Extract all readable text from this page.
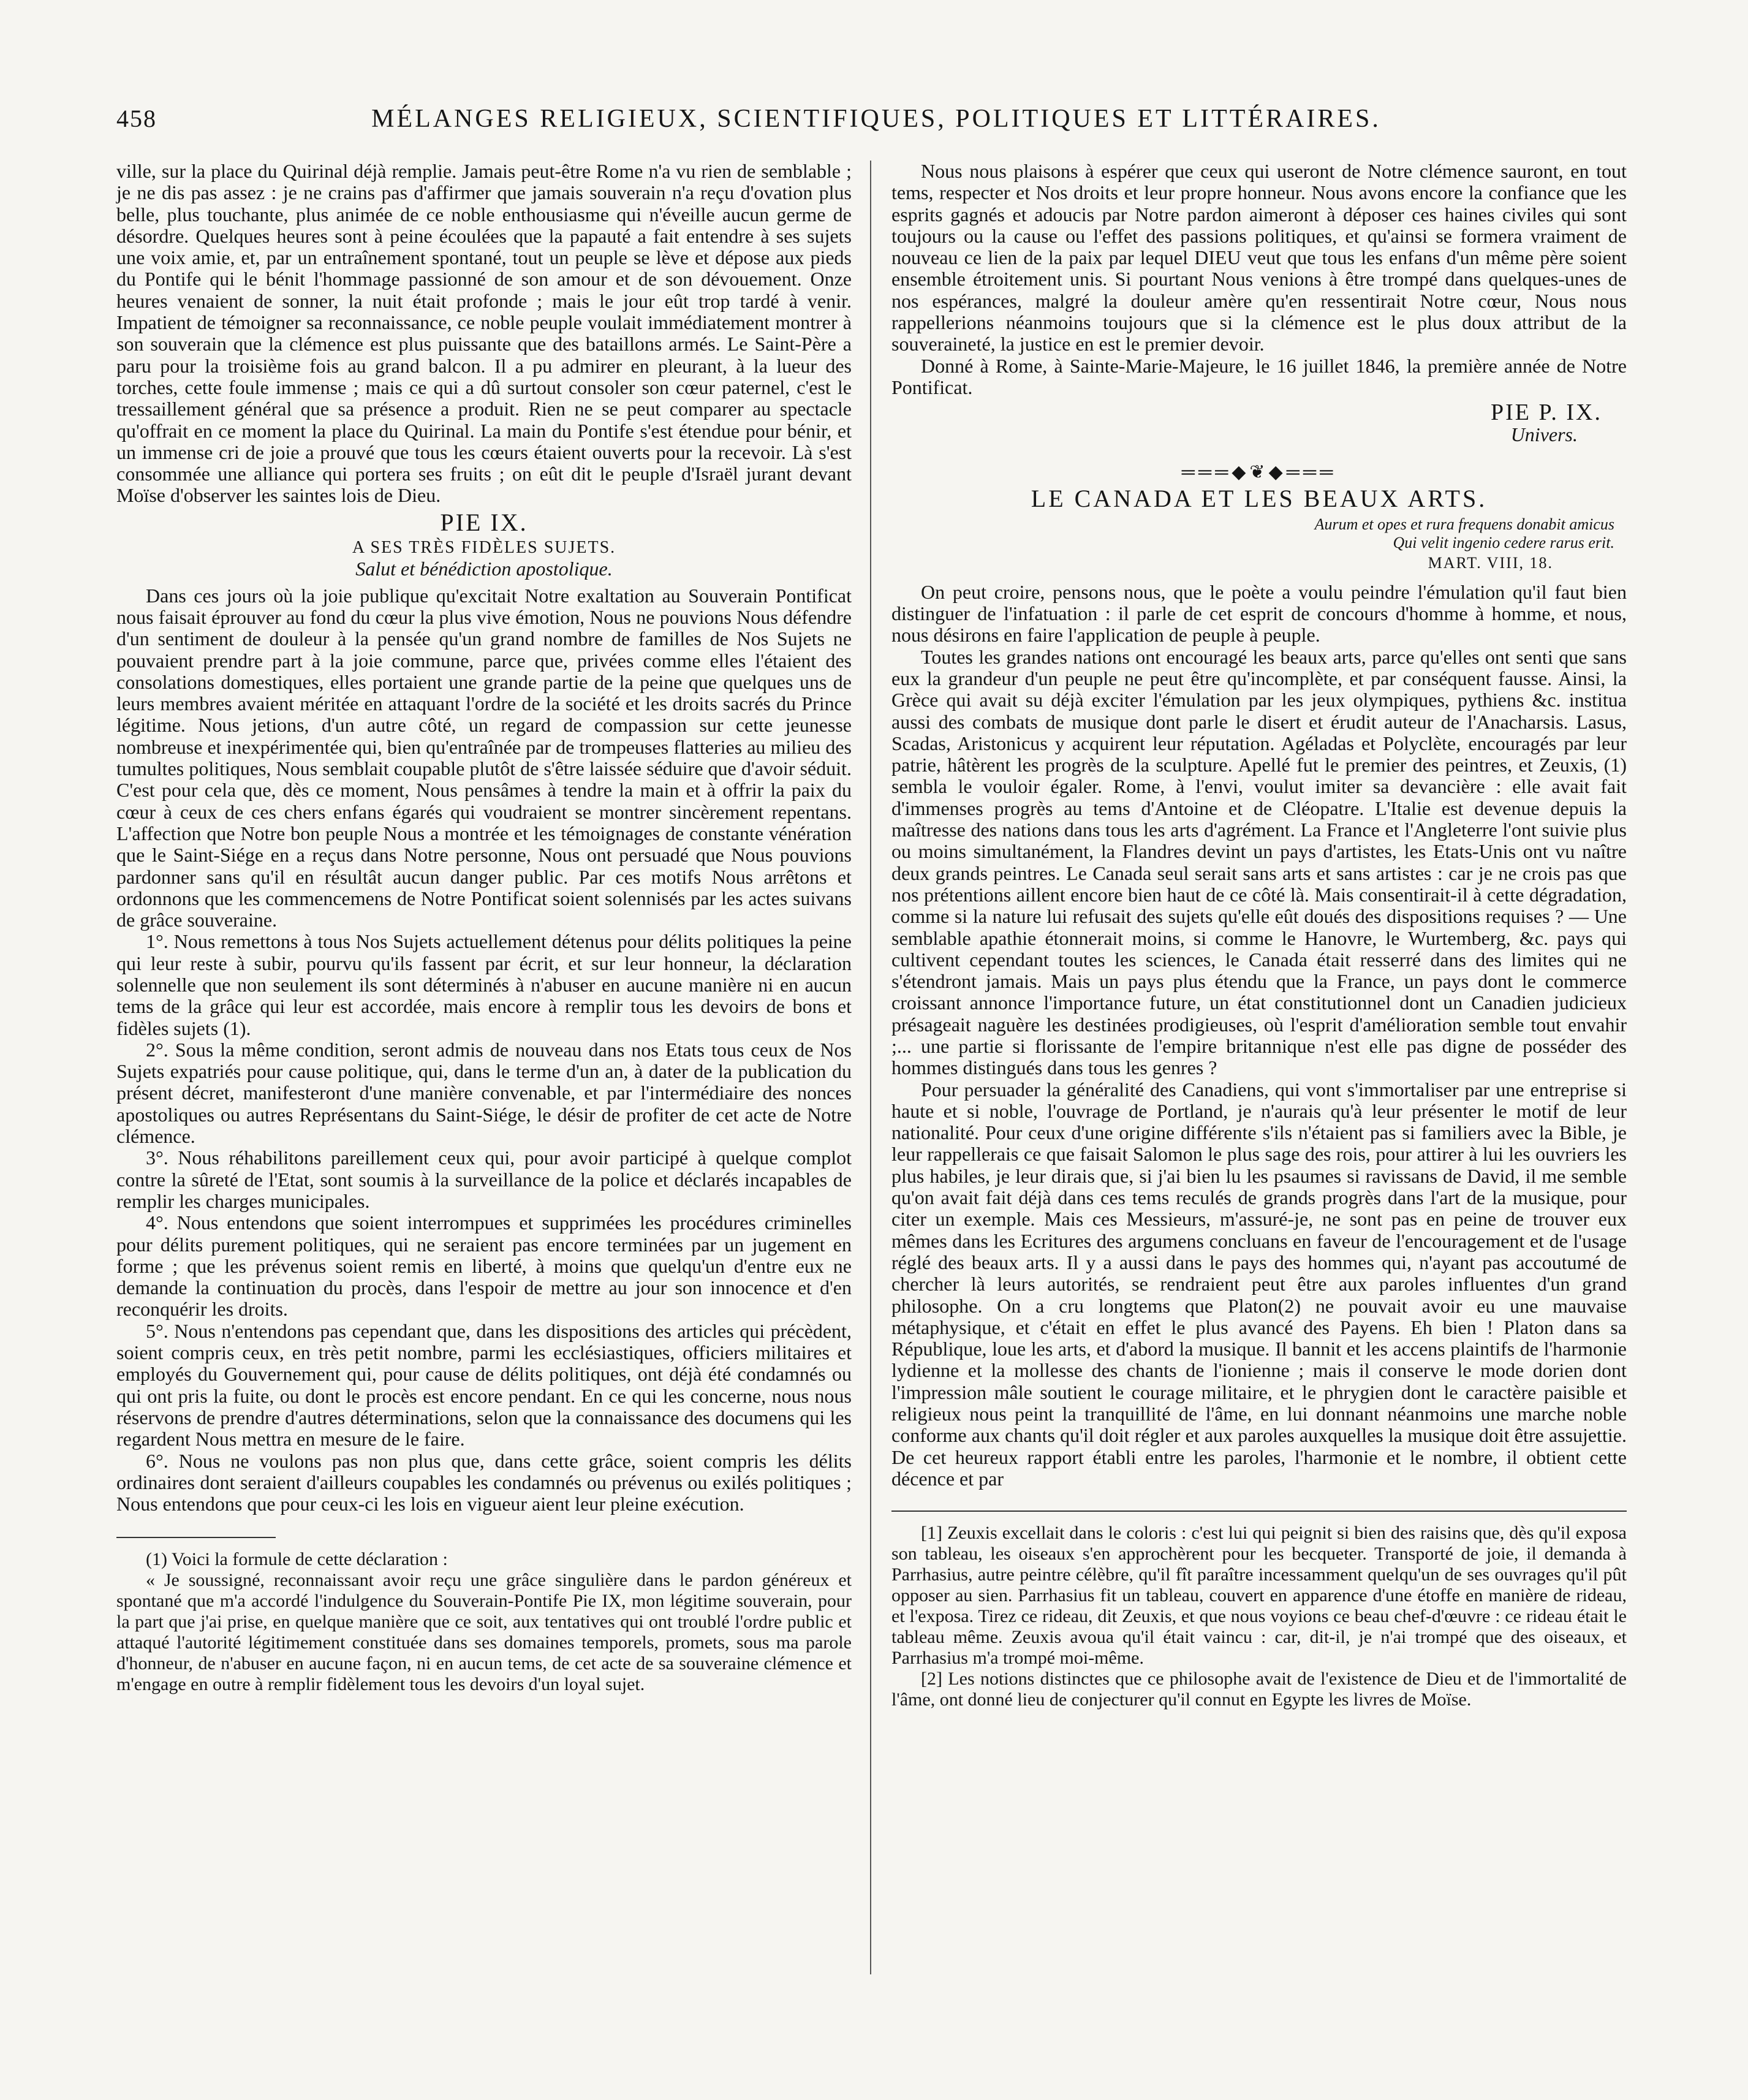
458	MÉLANGES RELIGIEUX, SCIENTIFIQUES, POLITIQUES ET LITTÉRAIRES.

ville, sur la place du Quirinal déjà remplie. Jamais peut-être Rome n'a vu rien de semblable ; je ne dis pas assez : je ne crains pas d'affirmer que jamais souverain n'a reçu d'ovation plus belle, plus touchante, plus animée de ce noble enthousiasme qui n'éveille aucun germe de désordre. Quelques heures sont à peine écoulées que la papauté a fait entendre à ses sujets une voix amie, et, par un entraînement spontané, tout un peuple se lève et dépose aux pieds du Pontife qui le bénit l'hommage passionné de son amour et de son dévouement. Onze heures venaient de sonner, la nuit était profonde ; mais le jour eût trop tardé à venir. Impatient de témoigner sa reconnaissance, ce noble peuple voulait immédiatement montrer à son souverain que la clémence est plus puissante que des bataillons armés. Le Saint-Père a paru pour la troisième fois au grand balcon. Il a pu admirer en pleurant, à la lueur des torches, cette foule immense ; mais ce qui a dû surtout consoler son cœur paternel, c'est le tressaillement général que sa présence a produit. Rien ne se peut comparer au spectacle qu'offrait en ce moment la place du Quirinal. La main du Pontife s'est étendue pour bénir, et un immense cri de joie a prouvé que tous les cœurs étaient ouverts pour la recevoir. Là s'est consommée une alliance qui portera ses fruits ; on eût dit le peuple d'Israël jurant devant Moïse d'observer les saintes lois de Dieu.

PIE IX.
A SES TRÈS FIDÈLES SUJETS.
Salut et bénédiction apostolique.

Dans ces jours où la joie publique qu'excitait Notre exaltation au Souverain Pontificat nous faisait éprouver au fond du cœur la plus vive émotion, Nous ne pouvions Nous défendre d'un sentiment de douleur à la pensée qu'un grand nombre de familles de Nos Sujets ne pouvaient prendre part à la joie commune, parce que, privées comme elles l'étaient des consolations domestiques, elles portaient une grande partie de la peine que quelques uns de leurs membres avaient méritée en attaquant l'ordre de la société et les droits sacrés du Prince légitime. Nous jetions, d'un autre côté, un regard de compassion sur cette jeunesse nombreuse et inexpérimentée qui, bien qu'entraînée par de trompeuses flatteries au milieu des tumultes politiques, Nous semblait coupable plutôt de s'être laissée séduire que d'avoir séduit. C'est pour cela que, dès ce moment, Nous pensâmes à tendre la main et à offrir la paix du cœur à ceux de ces chers enfans égarés qui voudraient se montrer sincèrement repentans. L'affection que Notre bon peuple Nous a montrée et les témoignages de constante vénération que le Saint-Siége en a reçus dans Notre personne, Nous ont persuadé que Nous pouvions pardonner sans qu'il en résultât aucun danger public. Par ces motifs Nous arrêtons et ordonnons que les commencemens de Notre Pontificat soient solennisés par les actes suivans de grâce souveraine.

1°. Nous remettons à tous Nos Sujets actuellement détenus pour délits politiques la peine qui leur reste à subir, pourvu qu'ils fassent par écrit, et sur leur honneur, la déclaration solennelle que non seulement ils sont déterminés à n'abuser en aucune manière ni en aucun tems de la grâce qui leur est accordée, mais encore à remplir tous les devoirs de bons et fidèles sujets (1).

2°. Sous la même condition, seront admis de nouveau dans nos Etats tous ceux de Nos Sujets expatriés pour cause politique, qui, dans le terme d'un an, à dater de la publication du présent décret, manifesteront d'une manière convenable, et par l'intermédiaire des nonces apostoliques ou autres Représentans du Saint-Siége, le désir de profiter de cet acte de Notre clémence.

3°. Nous réhabilitons pareillement ceux qui, pour avoir participé à quelque complot contre la sûreté de l'Etat, sont soumis à la surveillance de la police et déclarés incapables de remplir les charges municipales.

4°. Nous entendons que soient interrompues et supprimées les procédures criminelles pour délits purement politiques, qui ne seraient pas encore terminées par un jugement en forme ; que les prévenus soient remis en liberté, à moins que quelqu'un d'entre eux ne demande la continuation du procès, dans l'espoir de mettre au jour son innocence et d'en reconquérir les droits.

5°. Nous n'entendons pas cependant que, dans les dispositions des articles qui précèdent, soient compris ceux, en très petit nombre, parmi les ecclésiastiques, officiers militaires et employés du Gouvernement qui, pour cause de délits politiques, ont déjà été condamnés ou qui ont pris la fuite, ou dont le procès est encore pendant. En ce qui les concerne, nous nous réservons de prendre d'autres déterminations, selon que la connaissance des documens qui les regardent Nous mettra en mesure de le faire.

6°. Nous ne voulons pas non plus que, dans cette grâce, soient compris les délits ordinaires dont seraient d'ailleurs coupables les condamnés ou prévenus ou exilés politiques ; Nous entendons que pour ceux-ci les lois en vigueur aient leur pleine exécution.

(1) Voici la formule de cette déclaration :

« Je soussigné, reconnaissant avoir reçu une grâce singulière dans le pardon généreux et spontané que m'a accordé l'indulgence du Souverain-Pontife Pie IX, mon légitime souverain, pour la part que j'ai prise, en quelque manière que ce soit, aux tentatives qui ont troublé l'ordre public et attaqué l'autorité légitimement constituée dans ses domaines temporels, promets, sous ma parole d'honneur, de n'abuser en aucune façon, ni en aucun tems, de cet acte de sa souveraine clémence et m'engage en outre à remplir fidèlement tous les devoirs d'un loyal sujet.

Nous nous plaisons à espérer que ceux qui useront de Notre clémence sauront, en tout tems, respecter et Nos droits et leur propre honneur. Nous avons encore la confiance que les esprits gagnés et adoucis par Notre pardon aimeront à déposer ces haines civiles qui sont toujours ou la cause ou l'effet des passions politiques, et qu'ainsi se formera vraiment de nouveau ce lien de la paix par lequel DIEU veut que tous les enfans d'un même père soient ensemble étroitement unis. Si pourtant Nous venions à être trompé dans quelques-unes de nos espérances, malgré la douleur amère qu'en ressentirait Notre cœur, Nous nous rappellerions néanmoins toujours que si la clémence est le plus doux attribut de la souveraineté, la justice en est le premier devoir.

Donné à Rome, à Sainte-Marie-Majeure, le 16 juillet 1846, la première année de Notre Pontificat.

PIE P. IX.
Univers.
═══◆❦◆═══
LE CANADA ET LES BEAUX ARTS.
Aurum et opes et rura frequens donabit amicus
Qui velit ingenio cedere rarus erit.
MART. VIII, 18.

On peut croire, pensons nous, que le poète a voulu peindre l'émulation qu'il faut bien distinguer de l'infatuation : il parle de cet esprit de concours d'homme à homme, et nous, nous désirons en faire l'application de peuple à peuple.

Toutes les grandes nations ont encouragé les beaux arts, parce qu'elles ont senti que sans eux la grandeur d'un peuple ne peut être qu'incomplète, et par conséquent fausse. Ainsi, la Grèce qui avait su déjà exciter l'émulation par les jeux olympiques, pythiens &c. institua aussi des combats de musique dont parle le disert et érudit auteur de l'Anacharsis. Lasus, Scadas, Aristonicus y acquirent leur réputation. Agéladas et Polyclète, encouragés par leur patrie, hâtèrent les progrès de la sculpture. Apellé fut le premier des peintres, et Zeuxis, (1) sembla le vouloir égaler. Rome, à l'envi, voulut imiter sa devancière : elle avait fait d'immenses progrès au tems d'Antoine et de Cléopatre. L'Italie est devenue depuis la maîtresse des nations dans tous les arts d'agrément. La France et l'Angleterre l'ont suivie plus ou moins simultanément, la Flandres devint un pays d'artistes, les Etats-Unis ont vu naître deux grands peintres. Le Canada seul serait sans arts et sans artistes : car je ne crois pas que nos prétentions aillent encore bien haut de ce côté là. Mais consentirait-il à cette dégradation, comme si la nature lui refusait des sujets qu'elle eût doués des dispositions requises ? — Une semblable apathie étonnerait moins, si comme le Hanovre, le Wurtemberg, &c. pays qui cultivent cependant toutes les sciences, le Canada était resserré dans des limites qui ne s'étendront jamais. Mais un pays plus étendu que la France, un pays dont le commerce croissant annonce l'importance future, un état constitutionnel dont un Canadien judicieux présageait naguère les destinées prodigieuses, où l'esprit d'amélioration semble tout envahir ;... une partie si florissante de l'empire britannique n'est elle pas digne de posséder des hommes distingués dans tous les genres ?

Pour persuader la généralité des Canadiens, qui vont s'immortaliser par une entreprise si haute et si noble, l'ouvrage de Portland, je n'aurais qu'à leur présenter le motif de leur nationalité. Pour ceux d'une origine différente s'ils n'étaient pas si familiers avec la Bible, je leur rappellerais ce que faisait Salomon le plus sage des rois, pour attirer à lui les ouvriers les plus habiles, je leur dirais que, si j'ai bien lu les psaumes si ravissans de David, il me semble qu'on avait fait déjà dans ces tems reculés de grands progrès dans l'art de la musique, pour citer un exemple. Mais ces Messieurs, m'assuré-je, ne sont pas en peine de trouver eux mêmes dans les Ecritures des argumens concluans en faveur de l'encouragement et de l'usage réglé des beaux arts. Il y a aussi dans le pays des hommes qui, n'ayant pas accoutumé de chercher là leurs autorités, se rendraient peut être aux paroles influentes d'un grand philosophe. On a cru longtems que Platon(2) ne pouvait avoir eu une mauvaise métaphysique, et c'était en effet le plus avancé des Payens. Eh bien ! Platon dans sa République, loue les arts, et d'abord la musique. Il bannit et les accens plaintifs de l'harmonie lydienne et la mollesse des chants de l'ionienne ; mais il conserve le mode dorien dont l'impression mâle soutient le courage militaire, et le phrygien dont le caractère paisible et religieux nous peint la tranquillité de l'âme, en lui donnant néanmoins une marche noble conforme aux chants qu'il doit régler et aux paroles auxquelles la musique doit être assujettie. De cet heureux rapport établi entre les paroles, l'harmonie et le nombre, il obtient cette décence et par

[1] Zeuxis excellait dans le coloris : c'est lui qui peignit si bien des raisins que, dès qu'il exposa son tableau, les oiseaux s'en approchèrent pour les becqueter. Transporté de joie, il demanda à Parrhasius, autre peintre célèbre, qu'il fît paraître incessamment quelqu'un de ses ouvrages qu'il pût opposer au sien. Parrhasius fit un tableau, couvert en apparence d'une étoffe en manière de rideau, et l'exposa. Tirez ce rideau, dit Zeuxis, et que nous voyions ce beau chef-d'œuvre : ce rideau était le tableau même. Zeuxis avoua qu'il était vaincu : car, dit-il, je n'ai trompé que des oiseaux, et Parrhasius m'a trompé moi-même.

[2] Les notions distinctes que ce philosophe avait de l'existence de Dieu et de l'immortalité de l'âme, ont donné lieu de conjecturer qu'il connut en Egypte les livres de Moïse.
